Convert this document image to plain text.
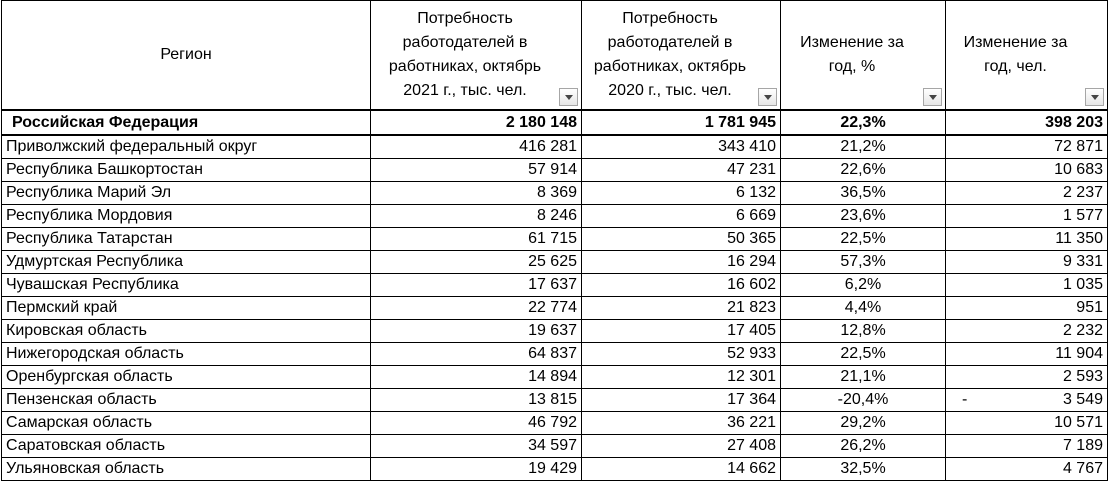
Регион	Потребность работодателей в работниках, октябрь 2021 г., тыс. чел.	Потребность работодателей в работниках, октябрь 2020 г., тыс. чел.	Изменение за год, %	Изменение за год, чел.

Российская Федерация	2 180 148	1 781 945	22,3%	398 203
Приволжский федеральный округ	416 281	343 410	21,2%	72 871
Республика Башкортостан	57 914	47 231	22,6%	10 683
Республика Марий Эл	8 369	6 132	36,5%	2 237
Республика Мордовия	8 246	6 669	23,6%	1 577
Республика Татарстан	61 715	50 365	22,5%	11 350
Удмуртская Республика	25 625	16 294	57,3%	9 331
Чувашская Республика	17 637	16 602	6,2%	1 035
Пермский край	22 774	21 823	4,4%	951
Кировская область	19 637	17 405	12,8%	2 232
Нижегородская область	64 837	52 933	22,5%	11 904
Оренбургская область	14 894	12 301	21,1%	2 593
Пензенская область	13 815	17 364	-20,4%	- 3 549
Самарская область	46 792	36 221	29,2%	10 571
Саратовская область	34 597	27 408	26,2%	7 189
Ульяновская область	19 429	14 662	32,5%	4 767
